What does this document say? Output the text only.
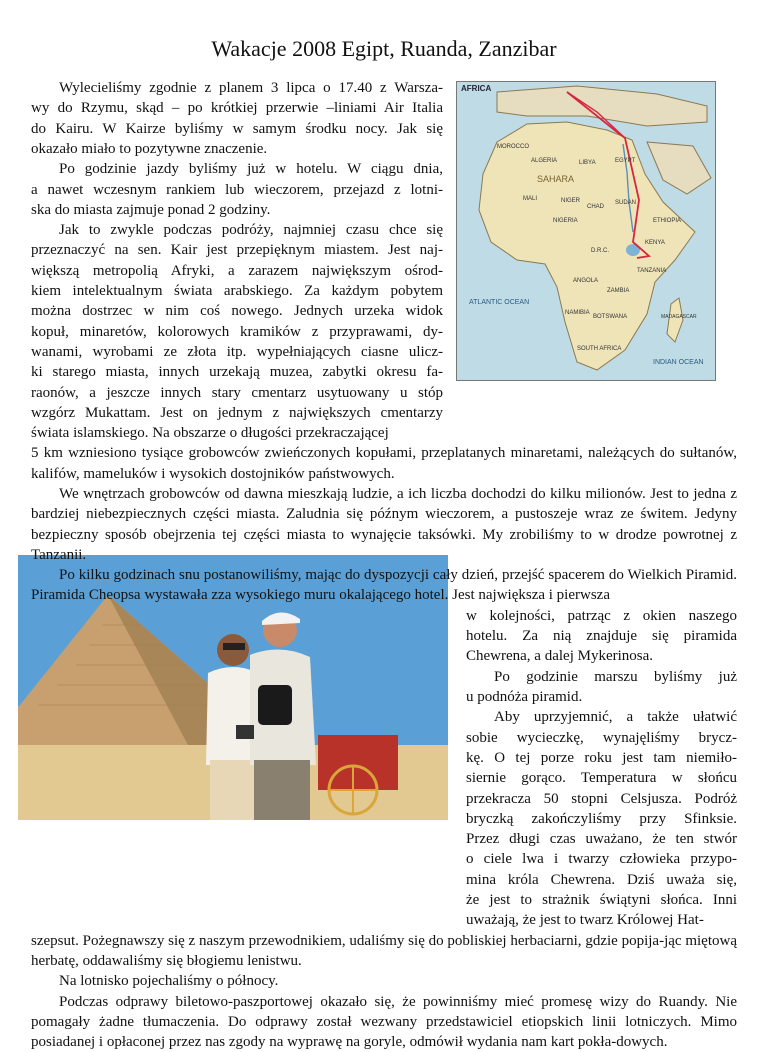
Wakacje 2008 Egipt, Ruanda, Zanzibar
AFRICA
MOROCCO
ALGERIA	LIBYA	EGYPT
SAHARA
MALI	NIGER
CHAD
SUDAN
NIGERIA	ETHIOPIA
D.R.C.
KENYA
TANZANIA
ANGOLA
ZAMBIA
NAMIBIA
BOTSWANA
SOUTH AFRICA
MADAGASCAR
ATLANTIC OCEAN
INDIAN OCEAN
Wylecieliśmy zgodnie z planem 3 lipca o 17.40 z Warsza-
wy do Rzymu, skąd – po krótkiej przerwie –liniami Air Italia
do Kairu. W Kairze byliśmy w samym środku nocy. Jak się
okazało miało to pozytywne znaczenie.
Po godzinie jazdy byliśmy już w hotelu. W ciągu dnia,
a nawet wczesnym rankiem lub wieczorem, przejazd z lotni-
ska do miasta zajmuje ponad 2 godziny.
Jak to zwykle podczas podróży, najmniej czasu chce się
przeznaczyć na sen. Kair jest przepięknym miastem. Jest naj-
większą metropolią Afryki, a zarazem największym ośrod-
kiem intelektualnym świata arabskiego. Za każdym pobytem
można dostrzec w nim coś nowego. Jednych urzeka widok
kopuł, minaretów, kolorowych kramików z przyprawami, dy-
wanami, wyrobami ze złota itp. wypełniających ciasne ulicz-
ki starego miasta, innych urzekają muzea, zabytki okresu fa-
raonów, a jeszcze innych stary cmentarz usytuowany u stóp
wzgórz Mukattam. Jest on jednym z największych cmentarzy
świata islamskiego. Na obszarze o długości przekraczającej

5 km wzniesiono tysiące grobowców zwieńczonych kopułami, przeplatanych minaretami, należących do sułtanów, kalifów, mameluków i wysokich dostojników państwowych.

We wnętrzach grobowców od dawna mieszkają ludzie, a ich liczba dochodzi do kilku milionów. Jest to jedna z bardziej niebezpiecznych części miasta. Zaludnia się późnym wieczorem, a pustoszeje wraz ze świtem. Jedyny bezpieczny sposób obejrzenia tej części miasta to wynajęcie taksówki. My zrobiliśmy to w drodze powrotnej z Tanzanii.

Po kilku godzinach snu postanowiliśmy, mając do dyspozycji cały dzień, przejść spacerem do Wielkich Piramid. Piramida Cheopsa wystawała zza wysokiego muru okalającego hotel. Jest największa i pierwsza

w kolejności, patrząc z okien naszego
hotelu. Za nią znajduje się piramida
Chewrena, a dalej Mykerinosa.
Po godzinie marszu byliśmy już
u podnóża piramid.
Aby uprzyjemnić, a także ułatwić
sobie wycieczkę, wynajęliśmy brycz-
kę. O tej porze roku jest tam niemiło-
siernie gorąco. Temperatura w słońcu
przekracza 50 stopni Celsjusza. Podróż
bryczką zakończyliśmy przy Sfinksie.
Przez długi czas uważano, że ten stwór
o ciele lwa i twarzy człowieka przypo-
mina króla Chewrena. Dziś uważa się,
że jest to strażnik świątyni słońca. Inni
uważają, że jest to twarz Królowej Hat-

szepsut. Pożegnawszy się z naszym przewodnikiem, udaliśmy się do pobliskiej herbaciarni, gdzie popija-jąc miętową herbatę, oddawaliśmy się błogiemu lenistwu.

Na lotnisko pojechaliśmy o północy.

Podczas odprawy biletowo-paszportowej okazało się, że powinniśmy mieć promesę wizy do Ruandy. Nie pomagały żadne tłumaczenia. Do odprawy został wezwany przedstawiciel etiopskich linii lotniczych. Mimo posiadanej i opłaconej przez nas zgody na wyprawę na goryle, odmówił wydania nam kart pokła-dowych.
